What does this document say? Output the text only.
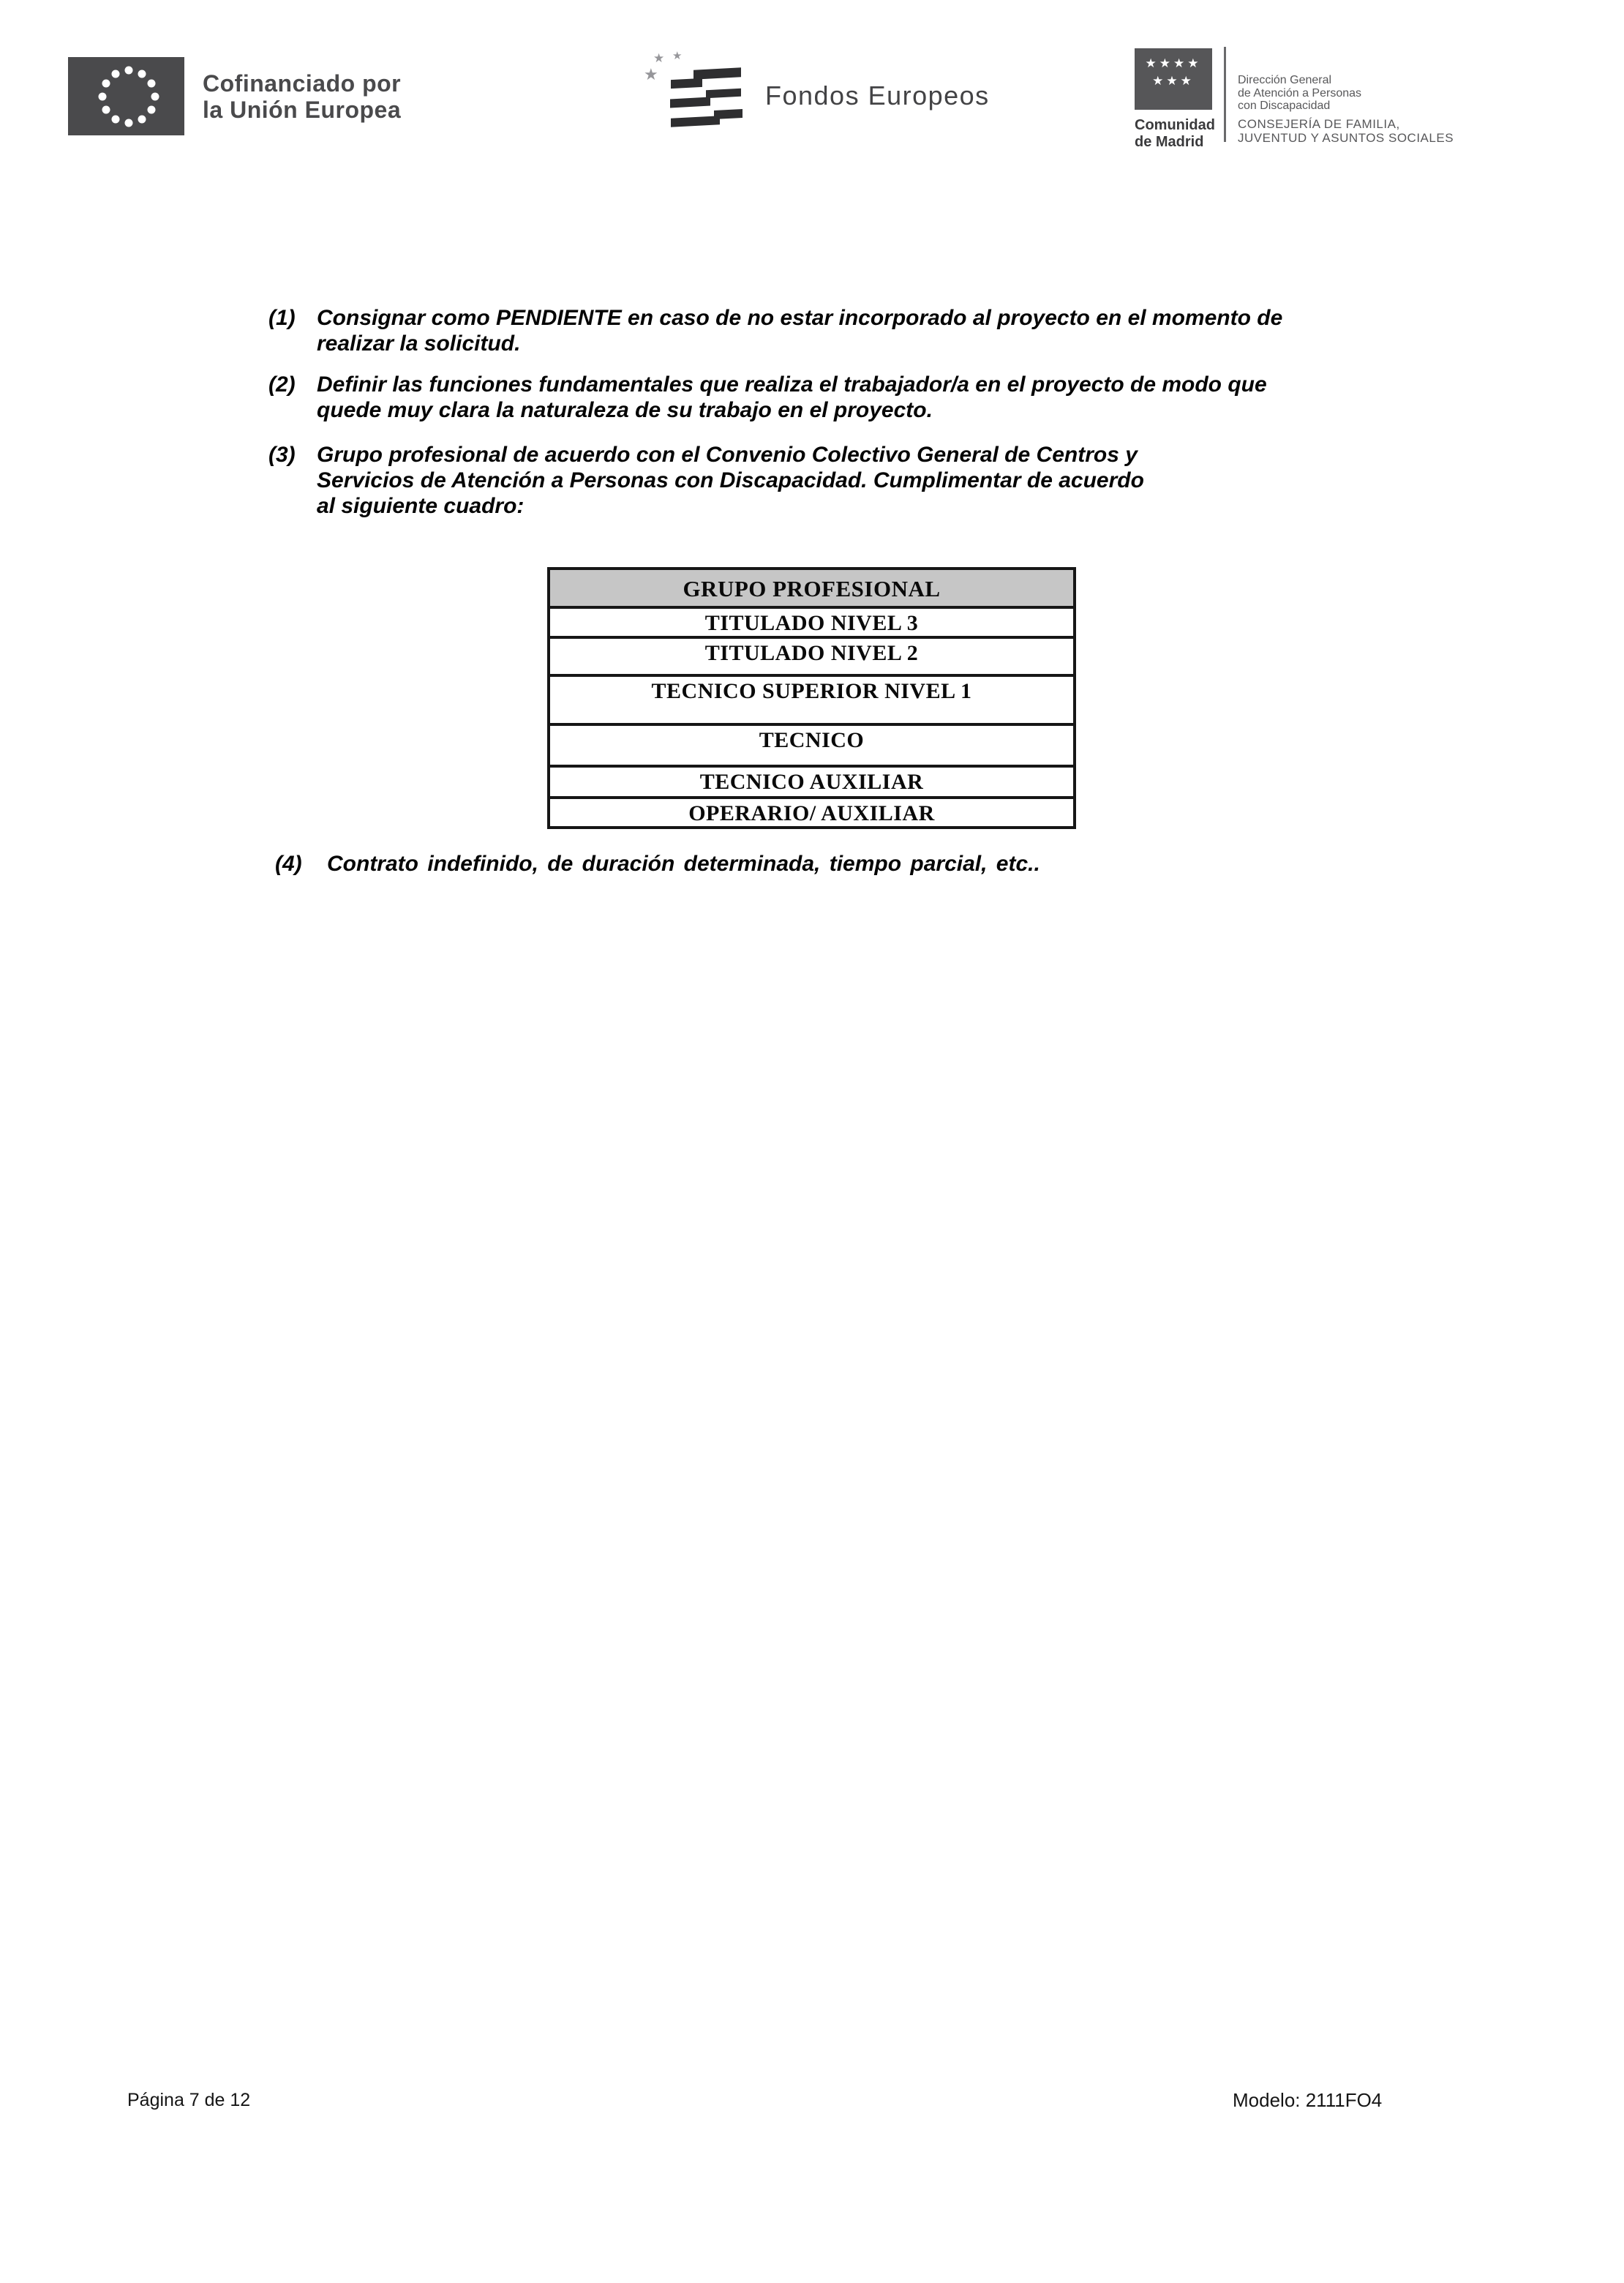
Cofinanciado por
la Unión Europea
★
★
★	Fondos Europeos
★★★★
★★★
Comunidad
de Madrid
Dirección General
de Atención a Personas
con Discapacidad
CONSEJERÍA DE FAMILIA,
JUVENTUD Y ASUNTOS SOCIALES
(1) Consignar como PENDIENTE en caso de no estar incorporado al proyecto en el momento de
realizar la solicitud.
(2) Definir las funciones fundamentales que realiza el trabajador/a en el proyecto de modo que
quede muy clara la naturaleza de su trabajo en el proyecto.
(3) Grupo profesional de acuerdo con el Convenio Colectivo General de Centros y
Servicios de Atención a Personas con Discapacidad. Cumplimentar de acuerdo
al siguiente cuadro:
GRUPO PROFESIONAL
TITULADO NIVEL 3
TITULADO NIVEL 2
TECNICO SUPERIOR NIVEL 1
TECNICO
TECNICO AUXILIAR
OPERARIO/ AUXILIAR
(4) Contrato indefinido, de duración determinada, tiempo parcial, etc..
Página 7 de 12	Modelo: 2111FO4
